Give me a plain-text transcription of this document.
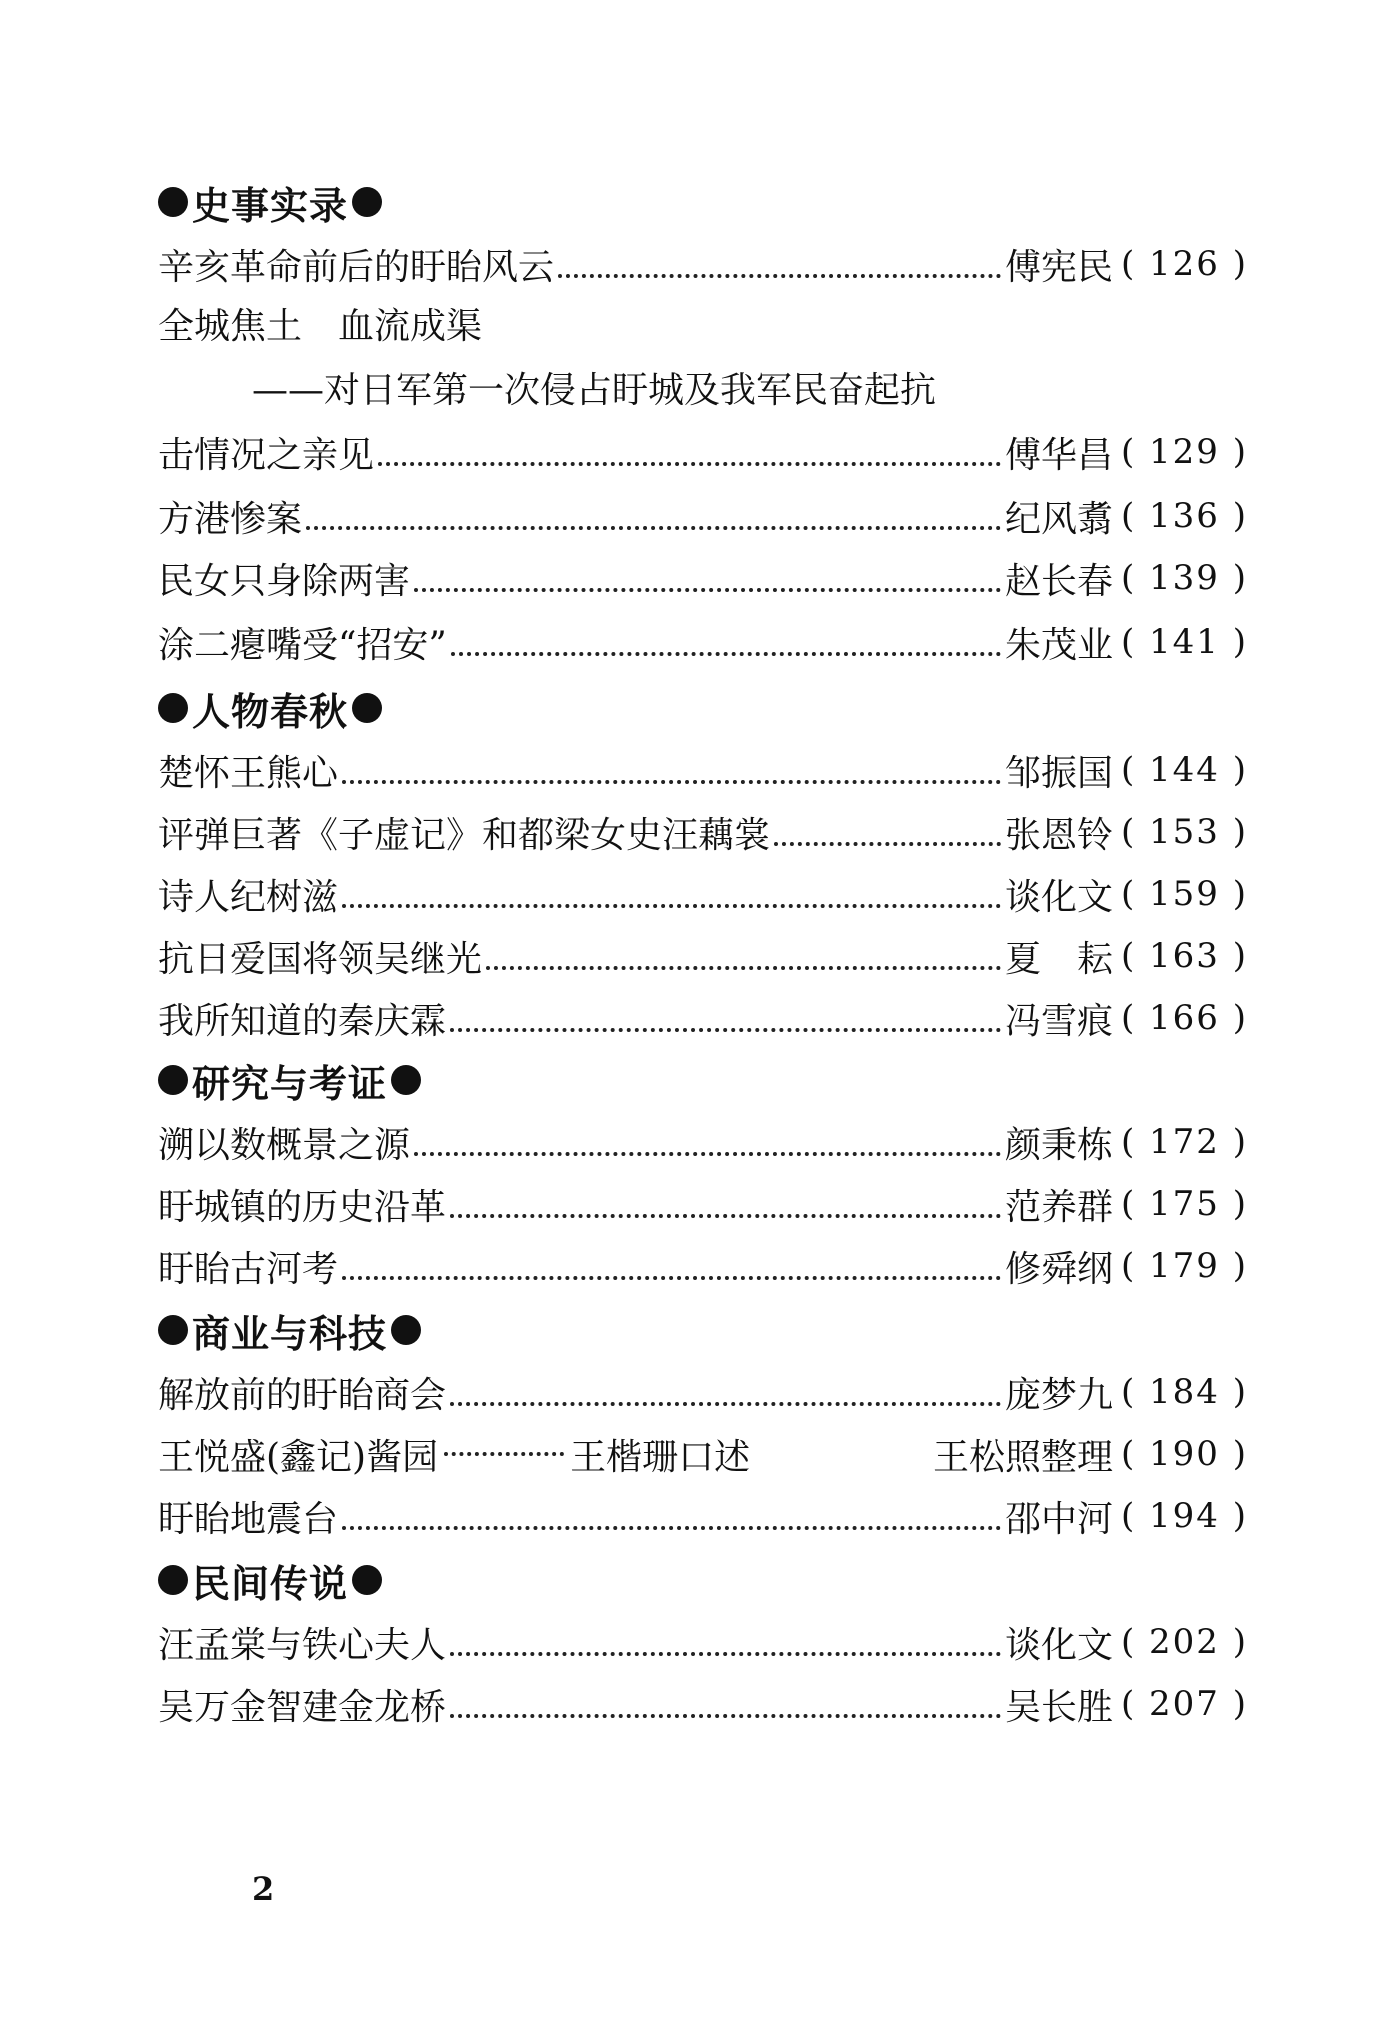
史事实录
辛亥革命前后的盱眙风云	傅宪民 ( 126 )
全城焦土　血流成渠
——对日军第一次侵占盱城及我军民奋起抗
击情况之亲见	傅华昌 ( 129 )
方港惨案	纪风翥 ( 136 )
民女只身除两害	赵长春 ( 139 )
涂二瘪嘴受“招安”	朱茂业 ( 141 )
人物春秋
楚怀王熊心	邹振国 ( 144 )
评弹巨著《子虚记》和都梁女史汪藕裳	张恩铃 ( 153 )
诗人纪树滋	谈化文 ( 159 )
抗日爱国将领吴继光	夏　耘 ( 163 )
我所知道的秦庆霖	冯雪痕 ( 166 )
研究与考证
溯以数概景之源	颜秉栋 ( 172 )
盱城镇的历史沿革	范养群 ( 175 )
盱眙古河考	修舜纲 ( 179 )
商业与科技
解放前的盱眙商会	庞梦九 ( 184 )
王悦盛(鑫记)酱园	王楷珊口述	王松照整理 ( 190 )
盱眙地震台	邵中河 ( 194 )
民间传说
汪孟棠与铁心夫人	谈化文 ( 202 )
吴万金智建金龙桥	吴长胜 ( 207 )
2
